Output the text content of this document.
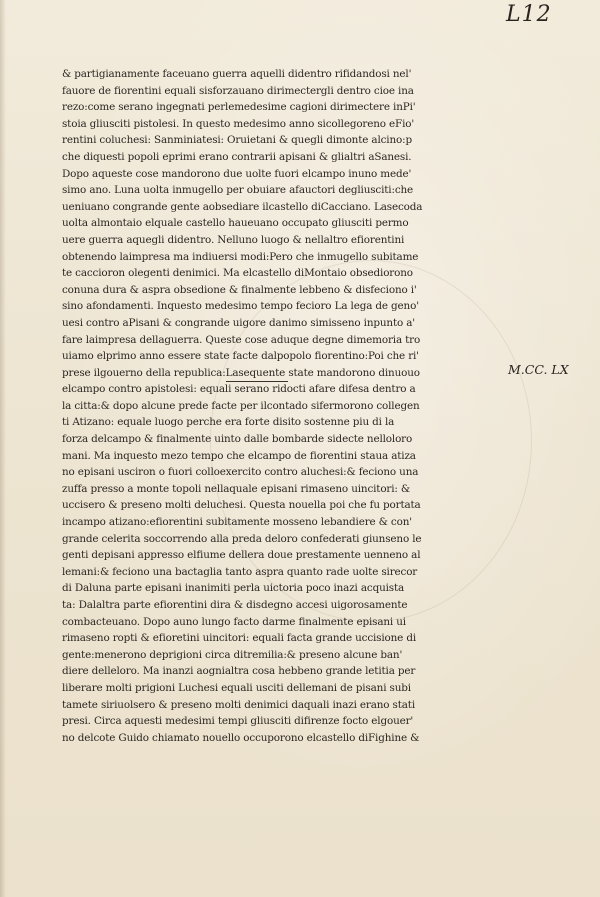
L12
& partigianamente faceuano guerra aquelli didentro rifidandosi nel'
fauore de fiorentini equali sisforzauano dirimectergli dentro cioe ina
rezo:come serano ingegnati perlemedesime cagioni dirimectere inPi'
stoia gliusciti pistolesi. In questo medesimo anno sicollegoreno eFio'
rentini coluchesi: Sanminiatesi: Oruietani & quegli dimonte alcino:p
che diquesti popoli eprimi erano contrarii apisani & glialtri aSanesi.
Dopo aqueste cose mandorono due uolte fuori elcampo inuno mede'
simo ano. Luna uolta inmugello per obuiare afauctori degliusciti:che
ueniuano congrande gente aobsediare ilcastello diCacciano. Lasecoda
uolta almontaio elquale castello haueuano occupato gliusciti permo
uere guerra aquegli didentro. Nelluno luogo & nellaltro efiorentini
obtenendo laimpresa ma indiuersi modi:Pero che inmugello subitame
te caccioron olegenti denimici. Ma elcastello diMontaio obsediorono
conuna dura & aspra obsedione & finalmente lebbeno & disfeciono i'
sino afondamenti. Inquesto medesimo tempo fecioro La lega de geno'
uesi contro aPisani & congrande uigore danimo simisseno inpunto a'
fare laimpresa dellaguerra. Queste cose aduque degne dimemoria tro
uiamo elprimo anno essere state facte dalpopolo fiorentino:Poi che ri'
prese ilgouerno della republica:Lasequente state mandorono dinuouo
elcampo contro apistolesi: equali serano ridocti afare difesa dentro a
la citta:& dopo alcune prede facte per ilcontado sifermorono collegen
ti Atizano: equale luogo perche era forte disito sostenne piu di la
forza delcampo & finalmente uinto dalle bombarde sidecte nelloloro
mani. Ma inquesto mezo tempo che elcampo de fiorentini staua atiza
no episani usciron o fuori colloexercito contro aluchesi:& feciono una
zuffa presso a monte topoli nellaquale episani rimaseno uincitori: &
uccisero & preseno molti deluchesi. Questa nouella poi che fu portata
incampo atizano:efiorentini subitamente mosseno lebandiere & con'
grande celerita soccorrendo alla preda deloro confederati giunseno le
genti depisani appresso elfiume dellera doue prestamente uenneno al
lemani:& feciono una bactaglia tanto aspra quanto rade uolte sirecor
di Daluna parte episani inanimiti perla uictoria poco inazi acquista
ta: Dalaltra parte efiorentini dira & disdegno accesi uigorosamente
combacteuano. Dopo auno lungo facto darme finalmente episani ui
rimaseno ropti & efioretini uincitori: equali facta grande uccisione di
gente:menerono deprigioni circa ditremilia:& preseno alcune ban'
diere delleloro. Ma inanzi aognialtra cosa hebbeno grande letitia per
liberare molti prigioni Luchesi equali usciti dellemani de pisani subi
tamete siriuolsero & preseno molti denimici daquali inazi erano stati
presi. Circa aquesti medesimi tempi gliusciti difirenze focto elgouer'
no delcote Guido chiamato nouello occuporono elcastello diFighine &
M.CC. LX
